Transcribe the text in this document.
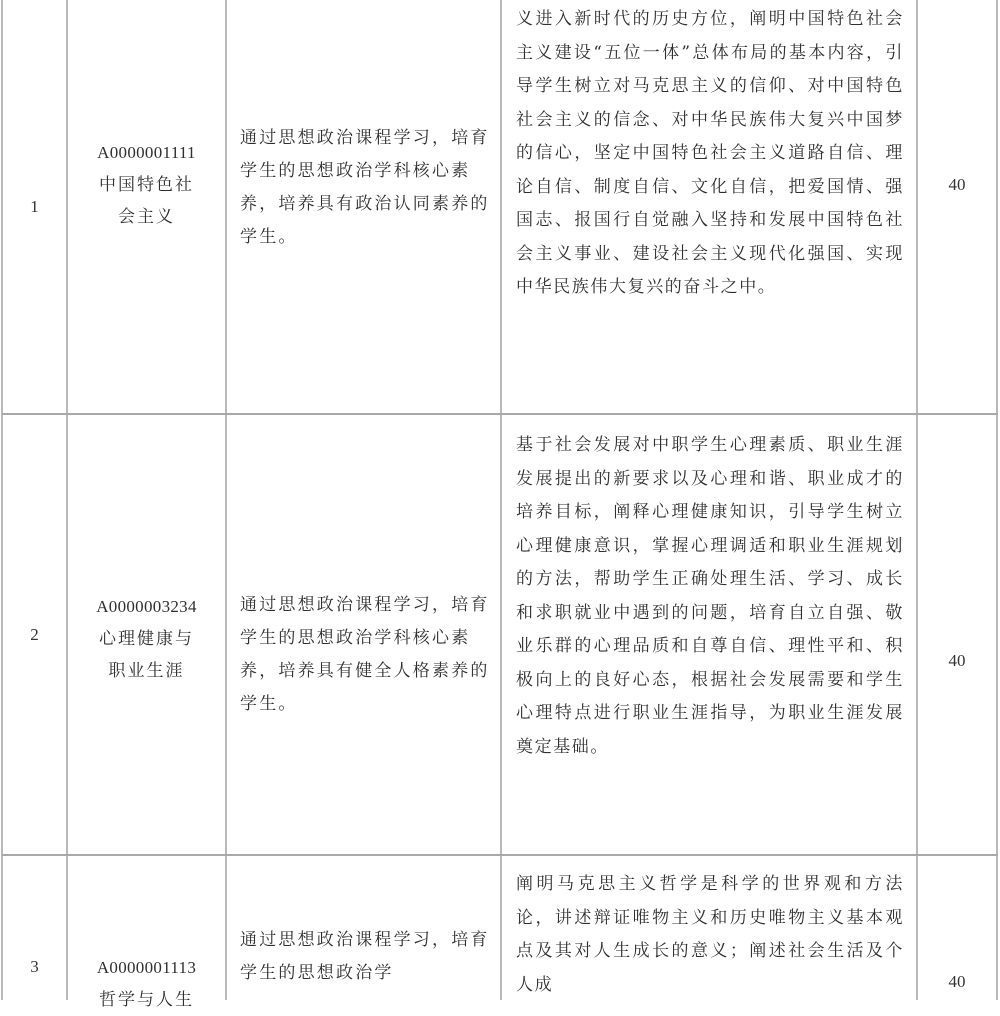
1
A0000001111
中国特色社会主义
通过思想政治课程学习，培育学生的思想政治学科核心素养，培养具有政治认同素养的学生。
义进入新时代的历史方位，阐明中国特色社会主义建设“五位一体”总体布局的基本内容，引导学生树立对马克思主义的信仰、对中国特色社会主义的信念、对中华民族伟大复兴中国梦的信心，坚定中国特色社会主义道路自信、理论自信、制度自信、文化自信，把爱国情、强国志、报国行自觉融入坚持和发展中国特色社会主义事业、建设社会主义现代化强国、实现中华民族伟大复兴的奋斗之中。
40
2
A0000003234
心理健康与职业生涯
通过思想政治课程学习，培育学生的思想政治学科核心素养，培养具有健全人格素养的学生。
基于社会发展对中职学生心理素质、职业生涯发展提出的新要求以及心理和谐、职业成才的培养目标，阐释心理健康知识，引导学生树立心理健康意识，掌握心理调适和职业生涯规划的方法，帮助学生正确处理生活、学习、成长和求职就业中遇到的问题，培育自立自强、敬业乐群的心理品质和自尊自信、理性平和、积极向上的良好心态，根据社会发展需要和学生心理特点进行职业生涯指导，为职业生涯发展奠定基础。
40
3	A0000001113
哲学与人生
通过思想政治课程学习，培育学生的思想政治学
阐明马克思主义哲学是科学的世界观和方法论，讲述辩证唯物主义和历史唯物主义基本观点及其对人生成长的意义；阐述社会生活及个人成	40
